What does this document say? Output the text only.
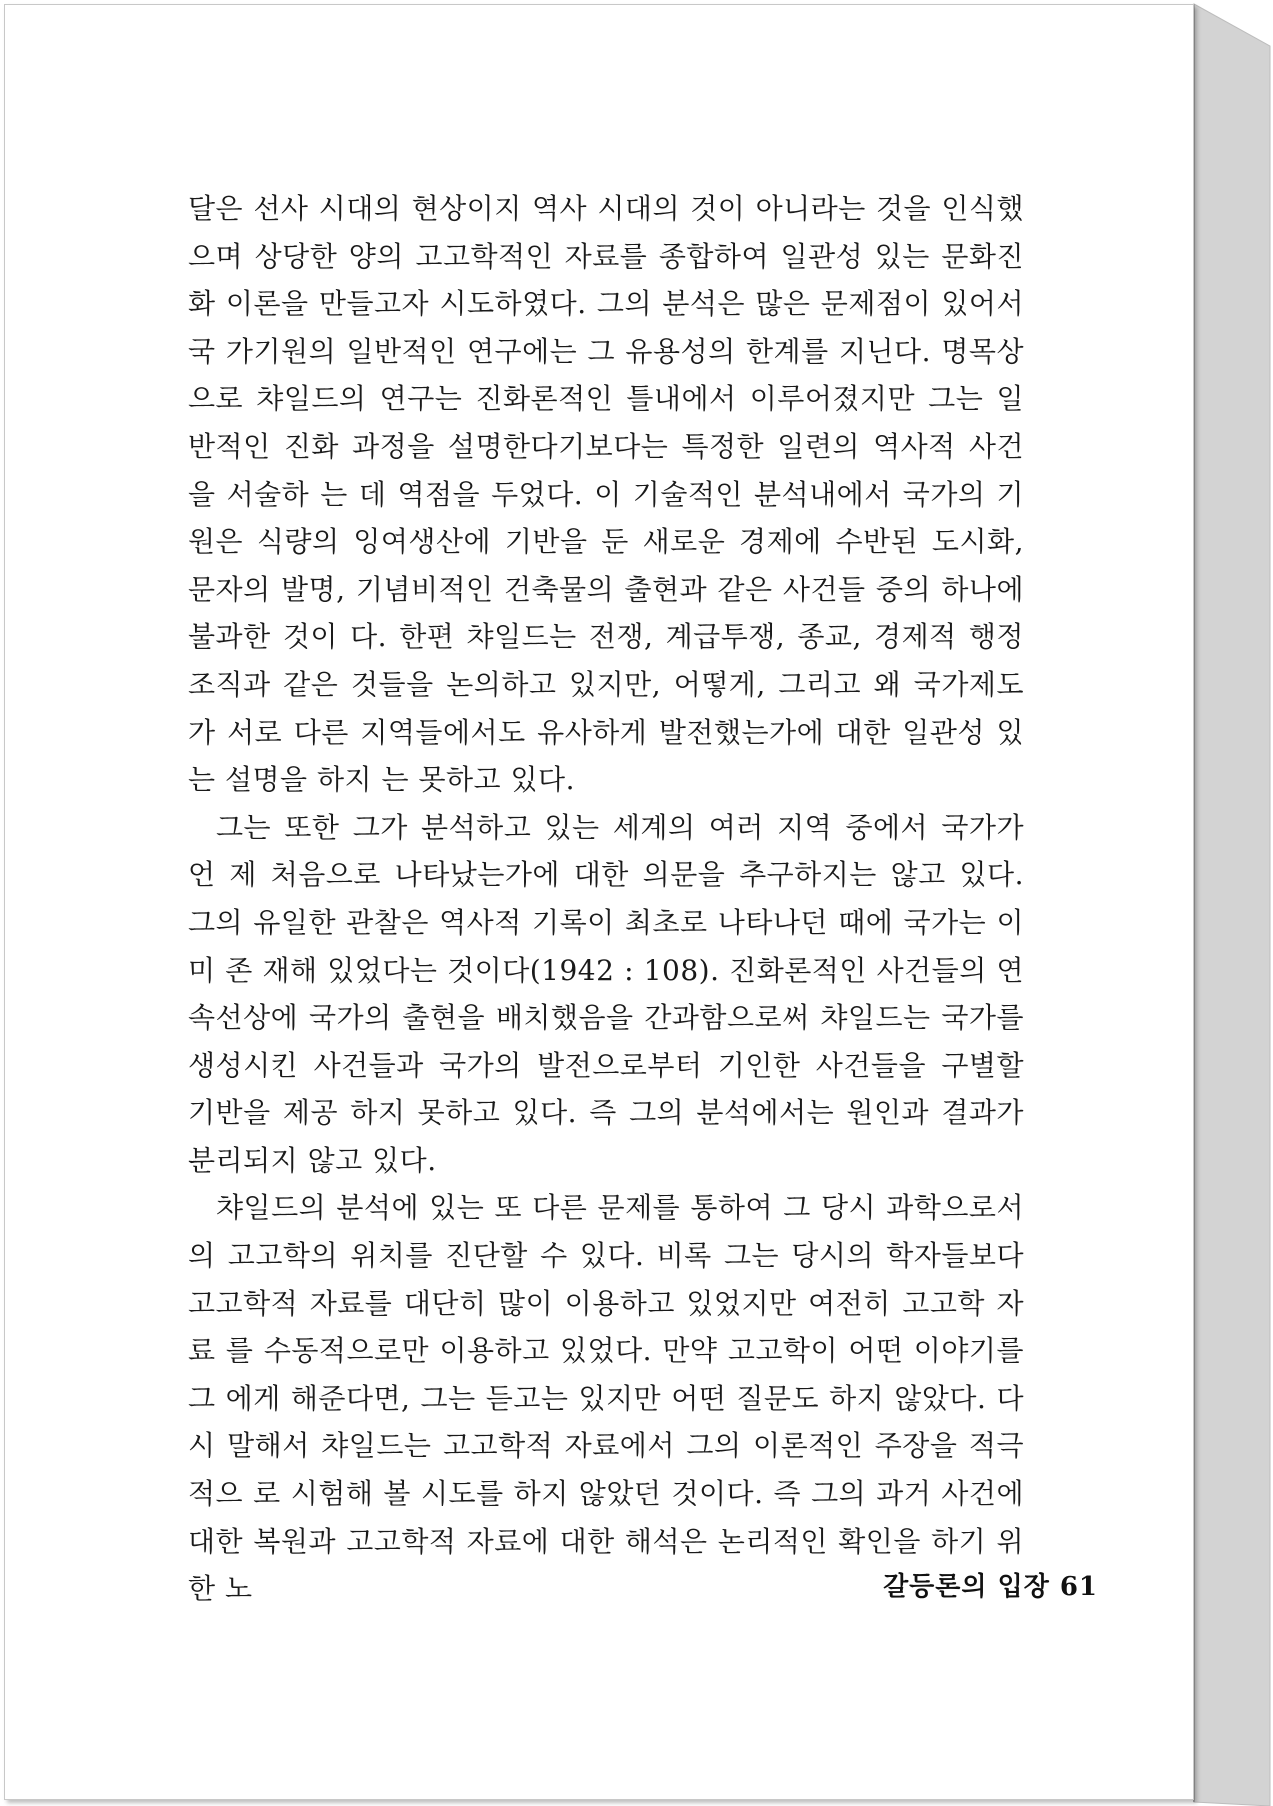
달은 선사 시대의 현상이지 역사 시대의 것이 아니라는 것을 인식했 으며 상당한 양의 고고학적인 자료를 종합하여 일관성 있는 문화진화 이론을 만들고자 시도하였다. 그의 분석은 많은 문제점이 있어서 국 가기원의 일반적인 연구에는 그 유용성의 한계를 지닌다. 명목상으로 챠일드의 연구는 진화론적인 틀내에서 이루어졌지만 그는 일반적인 진화 과정을 설명한다기보다는 특정한 일련의 역사적 사건을 서술하 는 데 역점을 두었다. 이 기술적인 분석내에서 국가의 기원은 식량의 잉여생산에 기반을 둔 새로운 경제에 수반된 도시화, 문자의 발명, 기념비적인 건축물의 출현과 같은 사건들 중의 하나에 불과한 것이 다. 한편 챠일드는 전쟁, 계급투쟁, 종교, 경제적 행정조직과 같은 것들을 논의하고 있지만, 어떻게, 그리고 왜 국가제도가 서로 다른 지역들에서도 유사하게 발전했는가에 대한 일관성 있는 설명을 하지 는 못하고 있다.

그는 또한 그가 분석하고 있는 세계의 여러 지역 중에서 국가가 언 제 처음으로 나타났는가에 대한 의문을 추구하지는 않고 있다. 그의 유일한 관찰은 역사적 기록이 최초로 나타나던 때에 국가는 이미 존 재해 있었다는 것이다(1942 : 108). 진화론적인 사건들의 연속선상에 국가의 출현을 배치했음을 간과함으로써 챠일드는 국가를 생성시킨 사건들과 국가의 발전으로부터 기인한 사건들을 구별할 기반을 제공 하지 못하고 있다. 즉 그의 분석에서는 원인과 결과가 분리되지 않고 있다.

챠일드의 분석에 있는 또 다른 문제를 통하여 그 당시 과학으로서 의 고고학의 위치를 진단할 수 있다. 비록 그는 당시의 학자들보다 고고학적 자료를 대단히 많이 이용하고 있었지만 여전히 고고학 자료 를 수동적으로만 이용하고 있었다. 만약 고고학이 어떤 이야기를 그 에게 해준다면, 그는 듣고는 있지만 어떤 질문도 하지 않았다. 다시 말해서 챠일드는 고고학적 자료에서 그의 이론적인 주장을 적극적으 로 시험해 볼 시도를 하지 않았던 것이다. 즉 그의 과거 사건에 대한 복원과 고고학적 자료에 대한 해석은 논리적인 확인을 하기 위한 노	갈등론의 입장 61
